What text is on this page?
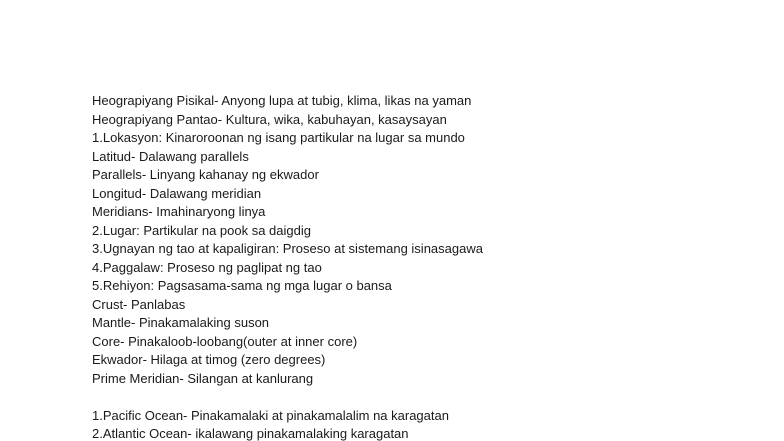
Heograpiyang Pisikal- Anyong lupa at tubig, klima, likas na yaman
Heograpiyang Pantao- Kultura, wika, kabuhayan, kasaysayan
1.Lokasyon: Kinaroroonan ng isang partikular na lugar sa mundo
Latitud- Dalawang parallels
Parallels- Linyang kahanay ng ekwador
Longitud- Dalawang meridian
Meridians- Imahinaryong linya
2.Lugar: Partikular na pook sa daigdig
3.Ugnayan ng tao at kapaligiran: Proseso at sistemang isinasagawa
4.Paggalaw: Proseso ng paglipat ng tao
5.Rehiyon: Pagsasama-sama ng mga lugar o bansa
Crust- Panlabas
Mantle- Pinakamalaking suson
Core- Pinakaloob-loobang(outer at inner core)
Ekwador- Hilaga at timog (zero degrees)
Prime Meridian- Silangan at kanlurang
1.Pacific Ocean- Pinakamalaki at pinakamalalim na karagatan
2.Atlantic Ocean- ikalawang pinakamalaking karagatan
